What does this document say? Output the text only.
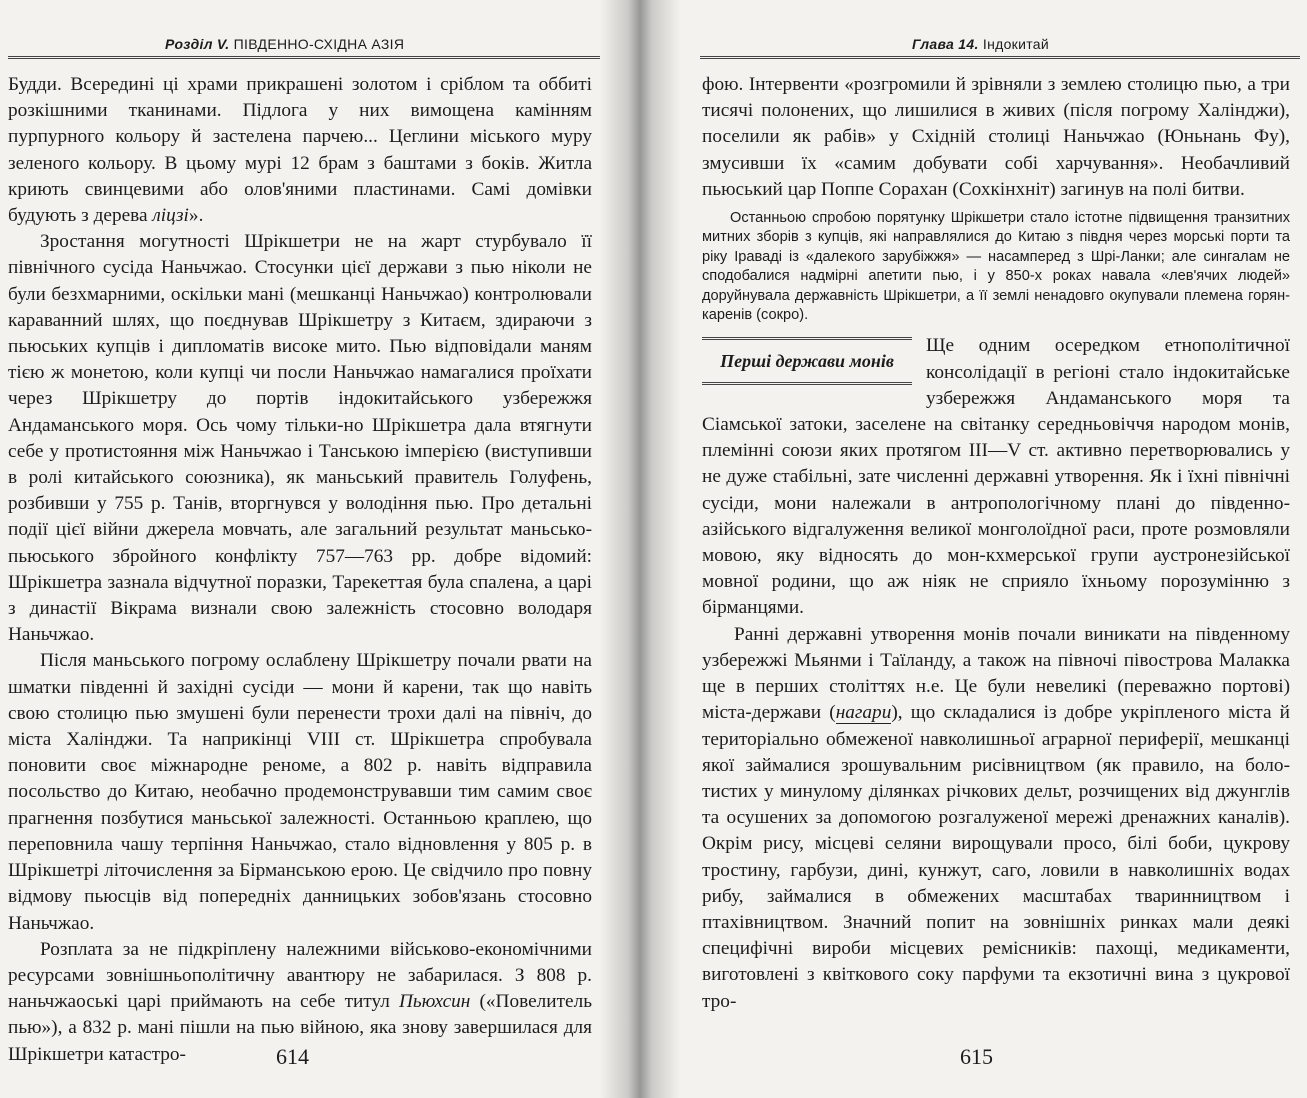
Розділ V. ПІВДЕННО-СХІДНА АЗІЯ

Будди. Всередині ці храми прикрашені золотом і сріблом та оббиті розкішними тканинами. Підлога у них вимощена камінням пурпурного кольору й застелена парчею... Цеглини міського муру зеленого кольору. В цьому мурі 12 брам з баштами з боків. Житла криють свинцевими або олов'яними пластинами. Самі домівки будують з дерева ліцзі».

Зростання могутності Шрікшетри не на жарт стурбувало її північного сусіда Наньчжао. Стосунки цієї держави з пью ніколи не були безхмарними, оскільки мані (мешканці Наньчжао) контролювали караванний шлях, що поєднував Шрікшетру з Китаєм, здираючи з пьюських купців і дипломатів високе мито. Пью відповідали маням тією ж монетою, коли купці чи посли Наньчжао намагалися проїхати через Шрікшетру до портів індокитайського узбережжя Андаманського моря. Ось чому тільки-но Шрікшетра дала втягнути себе у протистояння між Наньчжао і Танською імперією (виступивши в ролі китайського союзника), як маньський правитель Голуфень, розбивши у 755 р. Танів, вторгнувся у володіння пью. Про детальні події цієї війни джерела мовчать, але загальний результат маньсько-пьюського збройного конфлікту 757—763 рр. добре відомий: Шрікшетра зазнала відчутної поразки, Тарекеттая була спалена, а царі з династії Вікрама визнали свою залежність стосовно володаря Наньчжао.

Після маньського погрому ослаблену Шрікшетру почали рвати на шматки південні й західні сусіди — мони й карени, так що навіть свою столицю пью змушені були перенести трохи далі на північ, до міста Халінджи. Та наприкінці VIII ст. Шрікшетра спробувала поновити своє міжнародне реноме, а 802 р. навіть відправила посольство до Китаю, необачно продемонструвавши тим самим своє прагнення позбутися маньської залежності. Останньою краплею, що переповнила чашу терпіння Наньчжао, стало відновлення у 805 р. в Шрікшетрі літочислення за Бірманською ерою. Це свідчило про повну відмову пьюсців від попередніх данницьких зобов'язань стосовно Наньчжао.

Розплата за не підкріплену належними військово-економічними ресурсами зовнішньополітичну авантюру не забарилася. З 808 р. наньчжаоські царі приймають на себе титул Пьюхсин («Повелитель пью»), а 832 р. мані пішли на пью війною, яка знову завершилася для Шрікшетри катастро-	614
Глава 14. Індокитай

фою. Інтервенти «розгромили й зрівняли з землею столицю пью, а три тисячі полонених, що лишилися в живих (після погрому Халінджи), поселили як рабів» у Східній столиці Наньчжао (Юньнань Фу), змусивши їх «самим добувати собі харчування». Необачливий пьюський цар Поппе Сорахан (Сохкінхніт) загинув на полі битви.

Останньою спробою порятунку Шрікшетри стало істотне підвищення транзитних митних зборів з купців, які направлялися до Китаю з півдня через морські порти та ріку Іраваді із «далекого зарубіжжя» — насамперед з Шрі-Ланки; але сингалам не сподобалися надмірні апетити пью, і у 850-х роках навала «лев'ячих людей» доруйнувала державність Шрікшетри, а її землі ненадовго окупували племена горян-каренів (сокро).

Перші держави монів

Ще одним осередком етнополітичної консолідації в регіоні стало індокитайське узбережжя Андаманського моря та Сіамської затоки, заселене на світанку середньовіччя народом монів, племінні союзи яких протягом III—V ст. активно перетворювались у не дуже стабільні, зате численні державні утворення. Як і їхні північні сусіди, мони належали в антропологічному плані до південноазійського відгалуження великої монголоїдної раси, проте розмовляли мовою, яку відносять до мон-кхмерської групи аустронезійської мовної родини, що аж ніяк не сприяло їхньому порозумінню з бірманцями.

Ранні державні утворення монів почали виникати на південному узбережжі Мьянми і Таїланду, а також на півночі півострова Малакка ще в перших століттях н.е. Це були невеликі (переважно портові) міста-держави (нагари), що складалися із добре укріпленого міста й територіально обмеженої навколишньої аграрної периферії, мешканці якої займалися зрошувальним рисівництвом (як правило, на болотистих у минулому ділянках річкових дельт, розчищених від джунглів та осушених за допомогою розгалуженої мережі дренажних каналів). Окрім рису, місцеві селяни вирощували просо, білі боби, цукрову тростину, гарбузи, дині, кунжут, саго, ловили в навколишніх водах рибу, займалися в обмежених масштабах тваринництвом і птахівництвом. Значний попит на зовнішніх ринках мали деякі специфічні вироби місцевих ремісників: пахощі, медикаменти, виготовлені з квіткового соку парфуми та екзотичні вина з цукрової тро-

615
